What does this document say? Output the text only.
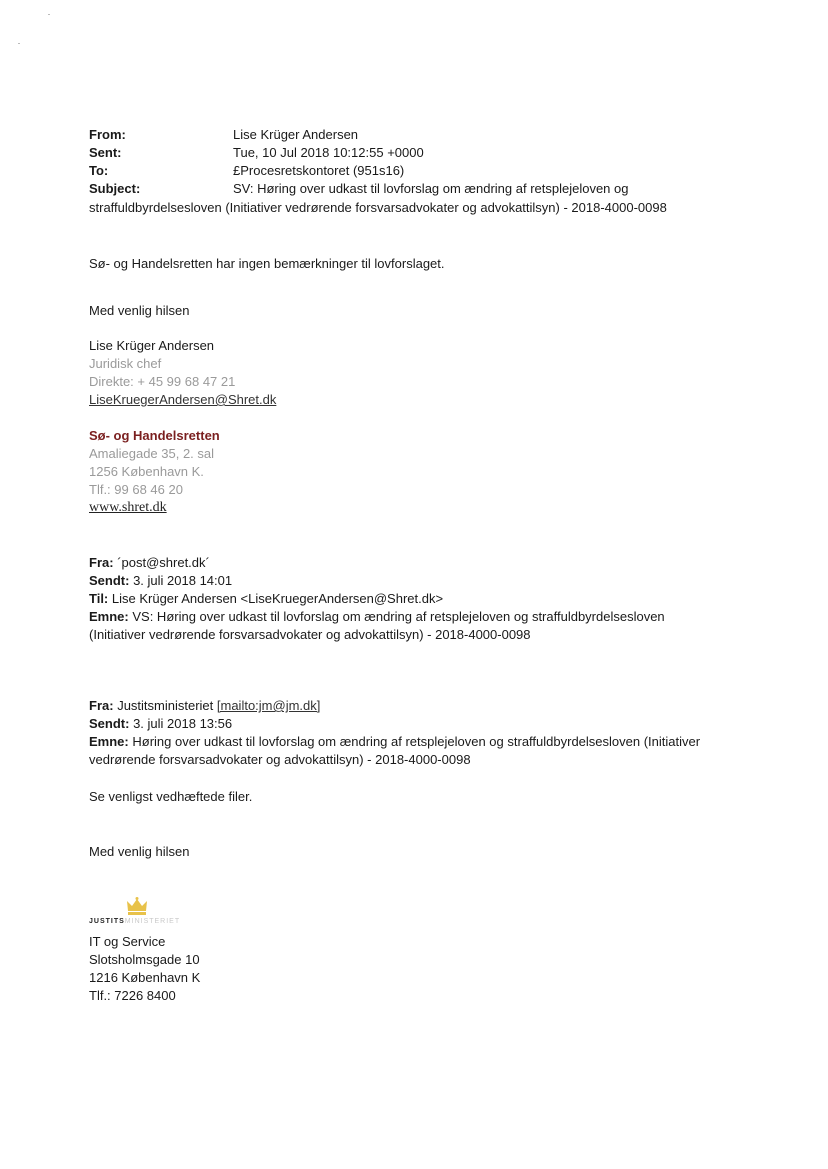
From:	Lise Krüger Andersen
Sent:	Tue, 10 Jul 2018 10:12:55 +0000
To:	£Procesretskontoret (951s16)
Subject:	SV: Høring over udkast til lovforslag om ændring af retsplejeloven og
straffuldbyrdelsesloven (Initiativer vedrørende forsvarsadvokater og advokattilsyn) - 2018-4000-0098
Sø- og Handelsretten har ingen bemærkninger til lovforslaget.
Med venlig hilsen
Lise Krüger Andersen
Juridisk chef
Direkte: + 45 99 68 47 21
LiseKruegerAndersen@Shret.dk
Sø- og Handelsretten
Amaliegade 35, 2. sal
1256 København K.
Tlf.: 99 68 46 20
www.shret.dk
Fra: ´post@shret.dk´
Sendt: 3. juli 2018 14:01
Til: Lise Krüger Andersen <LiseKruegerAndersen@Shret.dk>
Emne: VS: Høring over udkast til lovforslag om ændring af retsplejeloven og straffuldbyrdelsesloven
(Initiativer vedrørende forsvarsadvokater og advokattilsyn) - 2018-4000-0098
Fra: Justitsministeriet [mailto:jm@jm.dk]
Sendt: 3. juli 2018 13:56
Emne: Høring over udkast til lovforslag om ændring af retsplejeloven og straffuldbyrdelsesloven (Initiativer
vedrørende forsvarsadvokater og advokattilsyn) - 2018-4000-0098
Se venligst vedhæftede filer.
Med venlig hilsen
JUSTITSMINISTERIET
IT og Service
Slotsholmsgade 10
1216 København K
Tlf.: 7226 8400
